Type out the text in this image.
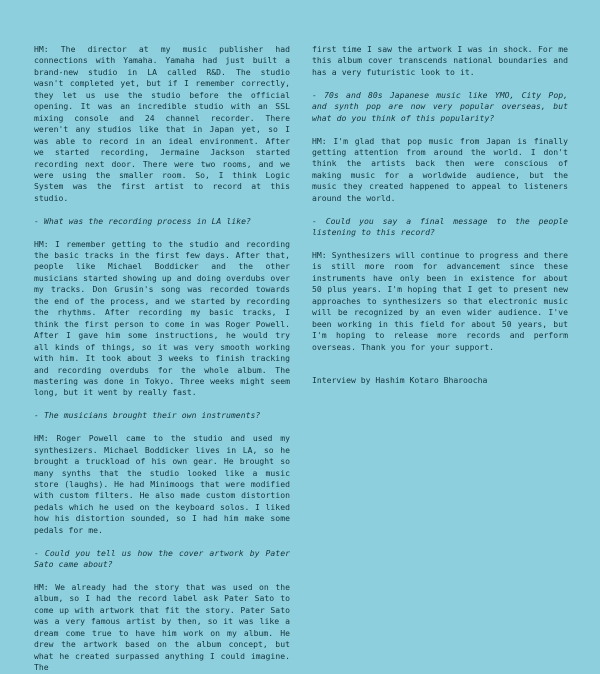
HM: The director at my music publisher had connections with Yamaha. Yamaha had just built a brand-new studio in LA called R&D. The studio wasn't completed yet, but if I remember correctly, they let us use the studio before the official opening. It was an incredible studio with an SSL mixing console and 24 channel recorder. There weren't any studios like that in Japan yet, so I was able to record in an ideal environment. After we started recording, Jermaine Jackson started recording next door. There were two rooms, and we were using the smaller room. So, I think Logic System was the first artist to record at this studio.

- What was the recording process in LA like?

HM: I remember getting to the studio and recording the basic tracks in the first few days. After that, people like Michael Boddicker and the other musicians started showing up and doing overdubs over my tracks. Don Grusin's song was recorded towards the end of the process, and we started by recording the rhythms. After recording my basic tracks, I think the first person to come in was Roger Powell. After I gave him some instructions, he would try all kinds of things, so it was very smooth working with him. It took about 3 weeks to finish tracking and recording overdubs for the whole album. The mastering was done in Tokyo. Three weeks might seem long, but it went by really fast.

- The musicians brought their own instruments?

HM: Roger Powell came to the studio and used my synthesizers. Michael Boddicker lives in LA, so he brought a truckload of his own gear. He brought so many synths that the studio looked like a music store (laughs). He had Minimoogs that were modified with custom filters. He also made custom distortion pedals which he used on the keyboard solos. I liked how his distortion sounded, so I had him make some pedals for me.

- Could you tell us how the cover artwork by Pater Sato came about?

HM: We already had the story that was used on the album, so I had the record label ask Pater Sato to come up with artwork that fit the story. Pater Sato was a very famous artist by then, so it was like a dream come true to have him work on my album. He drew the artwork based on the album concept, but what he created surpassed anything I could imagine. The

first time I saw the artwork I was in shock. For me this album cover transcends national boundaries and has a very futuristic look to it.

- 70s and 80s Japanese music like YMO, City Pop, and synth pop are now very popular overseas, but what do you think of this popularity?

HM: I'm glad that pop music from Japan is finally getting attention from around the world. I don't think the artists back then were conscious of making music for a worldwide audience, but the music they created happened to appeal to listeners around the world.

- Could you say a final message to the people listening to this record?

HM: Synthesizers will continue to progress and there is still more room for advancement since these instruments have only been in existence for about 50 plus years. I'm hoping that I get to present new approaches to synthesizers so that electronic music will be recognized by an even wider audience. I've been working in this field for about 50 years, but I'm hoping to release more records and perform overseas. Thank you for your support.

Interview by Hashim Kotaro Bharoocha
